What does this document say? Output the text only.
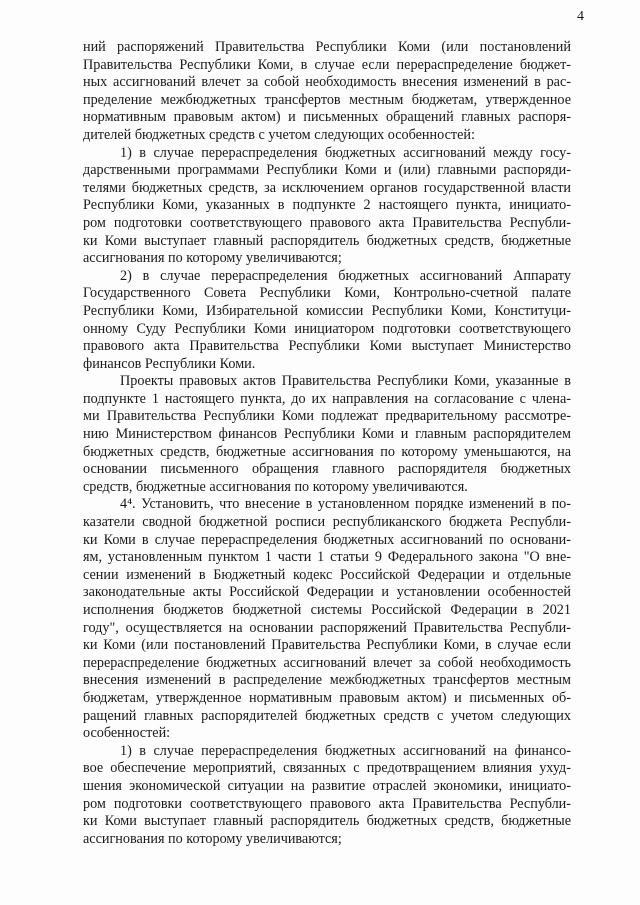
4
ний распоряжений Правительства Республики Коми (или постановлений
Правительства Республики Коми, в случае если перераспределение бюджет-
ных ассигнований влечет за собой необходимость внесения изменений в рас-
пределение межбюджетных трансфертов местным бюджетам, утвержденное
нормативным правовым актом) и письменных обращений главных распоря-
дителей бюджетных средств с учетом следующих особенностей:
1) в случае перераспределения бюджетных ассигнований между госу-
дарственными программами Республики Коми и (или) главными распоряди-
телями бюджетных средств, за исключением органов государственной власти
Республики Коми, указанных в подпункте 2 настоящего пункта, инициато-
ром подготовки соответствующего правового акта Правительства Республи-
ки Коми выступает главный распорядитель бюджетных средств, бюджетные
ассигнования по которому увеличиваются;
2) в случае перераспределения бюджетных ассигнований Аппарату
Государственного Совета Республики Коми, Контрольно-счетной палате
Республики Коми, Избирательной комиссии Республики Коми, Конституци-
онному Суду Республики Коми инициатором подготовки соответствующего
правового акта Правительства Республики Коми выступает Министерство
финансов Республики Коми.
Проекты правовых актов Правительства Республики Коми, указанные в
подпункте 1 настоящего пункта, до их направления на согласование с члена-
ми Правительства Республики Коми подлежат предварительному рассмотре-
нию Министерством финансов Республики Коми и главным распорядителем
бюджетных средств, бюджетные ассигнования по которому уменьшаются, на
основании письменного обращения главного распорядителя бюджетных
средств, бюджетные ассигнования по которому увеличиваются.
4⁴. Установить, что внесение в установленном порядке изменений в по-
казатели сводной бюджетной росписи республиканского бюджета Республи-
ки Коми в случае перераспределения бюджетных ассигнований по основани-
ям, установленным пунктом 1 части 1 статьи 9 Федерального закона "О вне-
сении изменений в Бюджетный кодекс Российской Федерации и отдельные
законодательные акты Российской Федерации и установлении особенностей
исполнения бюджетов бюджетной системы Российской Федерации в 2021
году", осуществляется на основании распоряжений Правительства Республи-
ки Коми (или постановлений Правительства Республики Коми, в случае если
перераспределение бюджетных ассигнований влечет за собой необходимость
внесения изменений в распределение межбюджетных трансфертов местным
бюджетам, утвержденное нормативным правовым актом) и письменных об-
ращений главных распорядителей бюджетных средств с учетом следующих
особенностей:
1) в случае перераспределения бюджетных ассигнований на финансо-
вое обеспечение мероприятий, связанных с предотвращением влияния ухуд-
шения экономической ситуации на развитие отраслей экономики, инициато-
ром подготовки соответствующего правового акта Правительства Республи-
ки Коми выступает главный распорядитель бюджетных средств, бюджетные
ассигнования по которому увеличиваются;
